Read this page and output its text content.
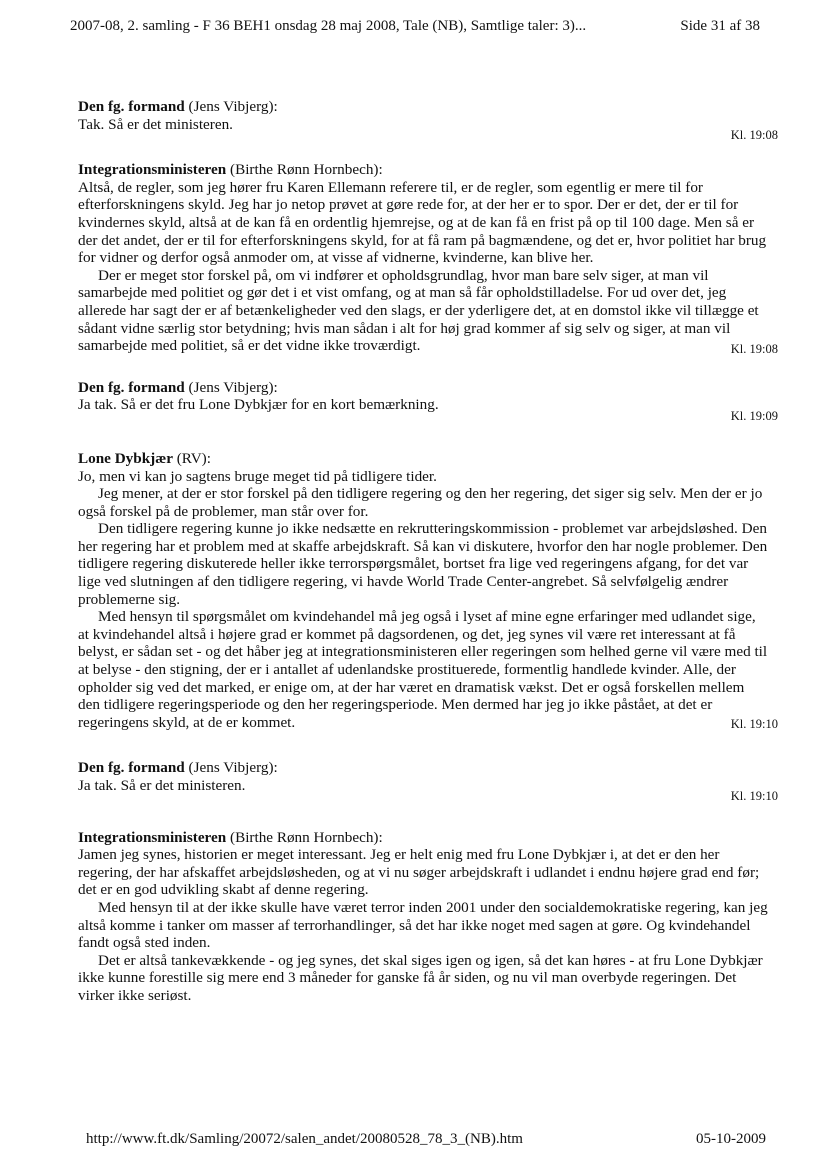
2007-08, 2. samling - F 36 BEH1 onsdag 28 maj 2008, Tale (NB), Samtlige taler: 3)...	Side 31 af 38
Den fg. formand (Jens Vibjerg):

Tak. Så er det ministeren.

Kl. 19:08
Integrationsministeren (Birthe Rønn Hornbech):

Altså, de regler, som jeg hører fru Karen Ellemann referere til, er de regler, som egentlig er mere til for efterforskningens skyld. Jeg har jo netop prøvet at gøre rede for, at der her er to spor. Der er det, der er til for kvindernes skyld, altså at de kan få en ordentlig hjemrejse, og at de kan få en frist på op til 100 dage. Men så er der det andet, der er til for efterforskningens skyld, for at få ram på bagmændene, og det er, hvor politiet har brug for vidner og derfor også anmoder om, at visse af vidnerne, kvinderne, kan blive her.

Der er meget stor forskel på, om vi indfører et opholdsgrundlag, hvor man bare selv siger, at man vil samarbejde med politiet og gør det i et vist omfang, og at man så får opholdstilladelse. For ud over det, jeg allerede har sagt der er af betænkeligheder ved den slags, er der yderligere det, at en domstol ikke vil tillægge et sådant vidne særlig stor betydning; hvis man sådan i alt for høj grad kommer af sig selv og siger, at man vil samarbejde med politiet, så er det vidne ikke troværdigt.	Kl. 19:08
Den fg. formand (Jens Vibjerg):

Ja tak. Så er det fru Lone Dybkjær for en kort bemærkning.

Kl. 19:09
Lone Dybkjær (RV):

Jo, men vi kan jo sagtens bruge meget tid på tidligere tider.

Jeg mener, at der er stor forskel på den tidligere regering og den her regering, det siger sig selv. Men der er jo også forskel på de problemer, man står over for.

Den tidligere regering kunne jo ikke nedsætte en rekrutteringskommission - problemet var arbejdsløshed. Den her regering har et problem med at skaffe arbejdskraft. Så kan vi diskutere, hvorfor den har nogle problemer. Den tidligere regering diskuterede heller ikke terrorspørgsmålet, bortset fra lige ved regeringens afgang, for det var lige ved slutningen af den tidligere regering, vi havde World Trade Center-angrebet. Så selvfølgelig ændrer problemerne sig.

Med hensyn til spørgsmålet om kvindehandel må jeg også i lyset af mine egne erfaringer med udlandet sige, at kvindehandel altså i højere grad er kommet på dagsordenen, og det, jeg synes vil være ret interessant at få belyst, er sådan set - og det håber jeg at integrationsministeren eller regeringen som helhed gerne vil være med til at belyse - den stigning, der er i antallet af udenlandske prostituerede, formentlig handlede kvinder. Alle, der opholder sig ved det marked, er enige om, at der har været en dramatisk vækst. Det er også forskellen mellem den tidligere regeringsperiode og den her regeringsperiode. Men dermed har jeg jo ikke påstået, at det er regeringens skyld, at de er kommet.	Kl. 19:10
Den fg. formand (Jens Vibjerg):

Ja tak. Så er det ministeren.

Kl. 19:10
Integrationsministeren (Birthe Rønn Hornbech):

Jamen jeg synes, historien er meget interessant. Jeg er helt enig med fru Lone Dybkjær i, at det er den her regering, der har afskaffet arbejdsløsheden, og at vi nu søger arbejdskraft i udlandet i endnu højere grad end før; det er en god udvikling skabt af denne regering.

Med hensyn til at der ikke skulle have været terror inden 2001 under den socialdemokratiske regering, kan jeg altså komme i tanker om masser af terrorhandlinger, så det har ikke noget med sagen at gøre. Og kvindehandel fandt også sted inden.

Det er altså tankevækkende - og jeg synes, det skal siges igen og igen, så det kan høres - at fru Lone Dybkjær ikke kunne forestille sig mere end 3 måneder for ganske få år siden, og nu vil man overbyde regeringen. Det virker ikke seriøst.

http://www.ft.dk/Samling/20072/salen_andet/20080528_78_3_(NB).htm	05-10-2009
